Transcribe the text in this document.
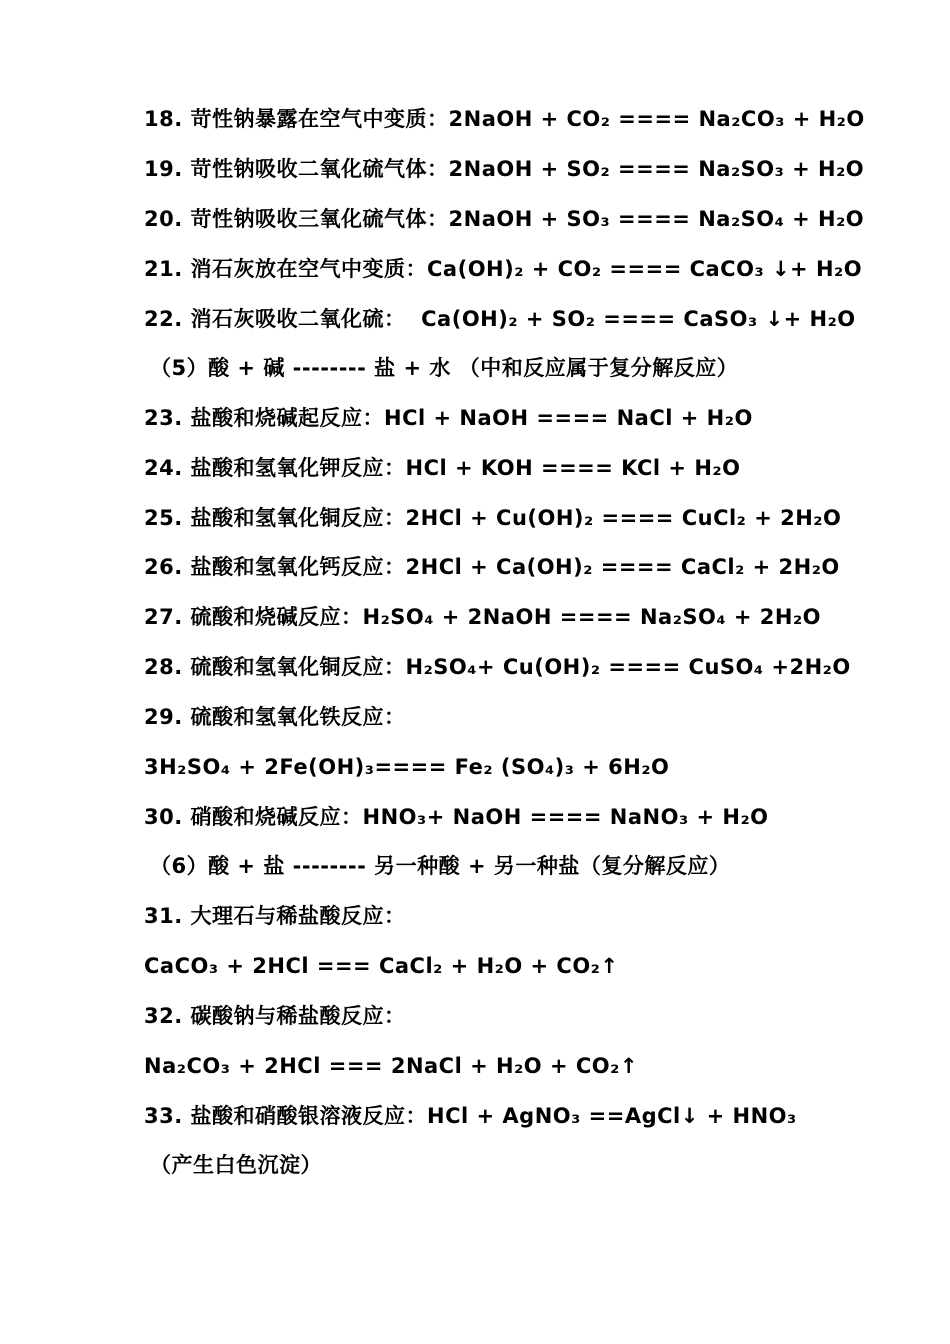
18. 苛性钠暴露在空气中变质：2NaOH + CO₂ ==== Na₂CO₃ + H₂O
19. 苛性钠吸收二氧化硫气体：2NaOH + SO₂ ==== Na₂SO₃ + H₂O
20. 苛性钠吸收三氧化硫气体：2NaOH + SO₃ ==== Na₂SO₄ + H₂O
21. 消石灰放在空气中变质：Ca(OH)₂ + CO₂ ==== CaCO₃ ↓+ H₂O
22. 消石灰吸收二氧化硫：  Ca(OH)₂ + SO₂ ==== CaSO₃ ↓+ H₂O
（5）酸 + 碱 -------- 盐 + 水 （中和反应属于复分解反应）
23. 盐酸和烧碱起反应：HCl + NaOH ==== NaCl + H₂O
24. 盐酸和氢氧化钾反应：HCl + KOH ==== KCl + H₂O
25. 盐酸和氢氧化铜反应：2HCl + Cu(OH)₂ ==== CuCl₂ + 2H₂O
26. 盐酸和氢氧化钙反应：2HCl + Ca(OH)₂ ==== CaCl₂ + 2H₂O
27. 硫酸和烧碱反应：H₂SO₄ + 2NaOH ==== Na₂SO₄ + 2H₂O
28. 硫酸和氢氧化铜反应：H₂SO₄+ Cu(OH)₂ ==== CuSO₄ +2H₂O
29. 硫酸和氢氧化铁反应：
3H₂SO₄ + 2Fe(OH)₃==== Fe₂ (SO₄)₃ + 6H₂O
30. 硝酸和烧碱反应：HNO₃+ NaOH ==== NaNO₃ + H₂O
（6）酸 + 盐 -------- 另一种酸 + 另一种盐（复分解反应）
31. 大理石与稀盐酸反应：
CaCO₃ + 2HCl === CaCl₂ + H₂O + CO₂↑
32. 碳酸钠与稀盐酸反应：
Na₂CO₃ + 2HCl === 2NaCl + H₂O + CO₂↑
33. 盐酸和硝酸银溶液反应：HCl + AgNO₃ ==AgCl↓ + HNO₃
（产生白色沉淀）
